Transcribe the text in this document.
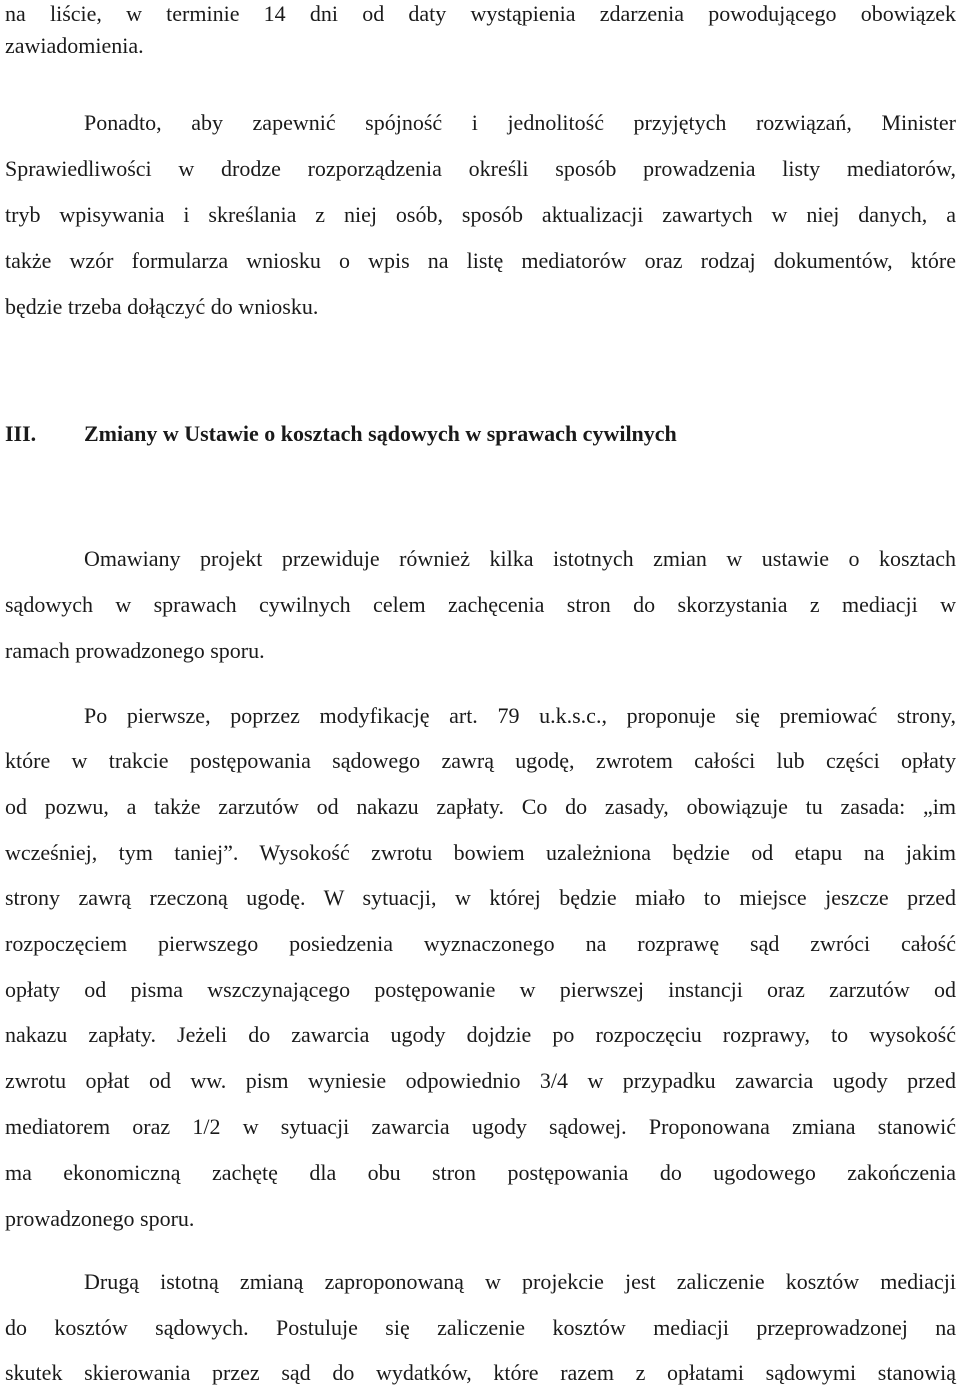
na liściе, w terminie 14 dni od daty wystąpienia zdarzenia powodującego obowiązek
zawiadomienia.
Ponadto, aby zapewnić spójność i jednolitość przyjętych rozwiązań, Minister
Sprawiedliwości w drodze rozporządzenia określi sposób prowadzenia listy mediatorów,
tryb wpisywania i skreślania z niej osób, sposób aktualizacji zawartych w niej danych, a
także wzór formularza wniosku o wpis na listę mediatorów oraz rodzaj dokumentów, które
będzie trzeba dołączyć do wniosku.
III. Zmiany w Ustawie o kosztach sądowych w sprawach cywilnych
Omawiany projekt przewiduje również kilka istotnych zmian w ustawie o kosztach
sądowych w sprawach cywilnych celem zachęcenia stron do skorzystania z mediacji w
ramach prowadzonego sporu.
Po pierwsze, poprzez modyfikację art. 79 u.k.s.c., proponuje się premiować strony,
które w trakcie postępowania sądowego zawrą ugodę, zwrotem całości lub części opłaty
od pozwu, a także zarzutów od nakazu zapłaty. Co do zasady, obowiązuje tu zasada: „im
wcześniej, tym taniej”. Wysokość zwrotu bowiem uzależniona będzie od etapu na jakim
strony zawrą rzeczoną ugodę. W sytuacji, w której będzie miało to miejsce jeszcze przed
rozpoczęciem pierwszego posiedzenia wyznaczonego na rozprawę sąd zwróci całość
opłaty od pisma wszczynającego postępowanie w pierwszej instancji oraz zarzutów od
nakazu zapłaty. Jeżeli do zawarcia ugody dojdzie po rozpoczęciu rozprawy, to wysokość
zwrotu opłat od ww. pism wyniesie odpowiednio 3/4 w przypadku zawarcia ugody przed
mediatorem oraz 1/2 w sytuacji zawarcia ugody sądowej. Proponowana zmiana stanowić
ma ekonomiczną zachętę dla obu stron postępowania do ugodowego zakończenia
prowadzonego sporu.
Drugą istotną zmianą zaproponowaną w projekcie jest zaliczenie kosztów mediacji
do kosztów sądowych. Postuluje się zaliczenie kosztów mediacji przeprowadzonej na
skutek skierowania przez sąd do wydatków, które razem z opłatami sądowymi stanowią
